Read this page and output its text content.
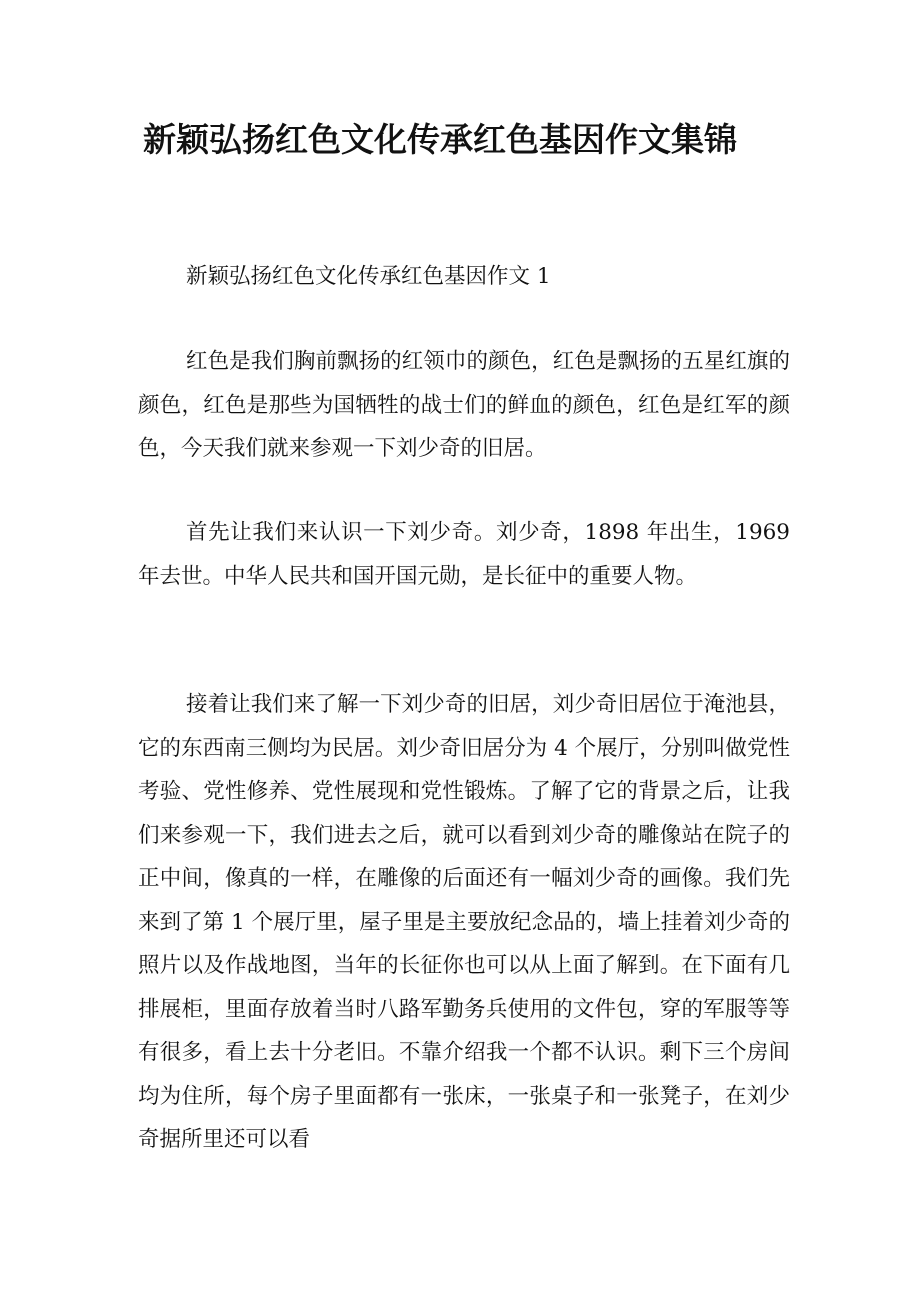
新颖弘扬红色文化传承红色基因作文集锦
新颖弘扬红色文化传承红色基因作文 1

红色是我们胸前飘扬的红领巾的颜色，红色是飘扬的五星红旗的颜色，红色是那些为国牺牲的战士们的鲜血的颜色，红色是红军的颜色，今天我们就来参观一下刘少奇的旧居。

首先让我们来认识一下刘少奇。刘少奇，1898 年出生，1969 年去世。中华人民共和国开国元勋，是长征中的重要人物。

接着让我们来了解一下刘少奇的旧居，刘少奇旧居位于淹池县，它的东西南三侧均为民居。刘少奇旧居分为 4 个展厅，分别叫做党性考验、党性修养、党性展现和党性锻炼。了解了它的背景之后，让我们来参观一下，我们进去之后，就可以看到刘少奇的雕像站在院子的正中间，像真的一样，在雕像的后面还有一幅刘少奇的画像。我们先来到了第 1 个展厅里，屋子里是主要放纪念品的，墙上挂着刘少奇的照片以及作战地图，当年的长征你也可以从上面了解到。在下面有几排展柜，里面存放着当时八路军勤务兵使用的文件包，穿的军服等等有很多，看上去十分老旧。不靠介绍我一个都不认识。剩下三个房间均为住所，每个房子里面都有一张床，一张桌子和一张凳子，在刘少奇据所里还可以看
